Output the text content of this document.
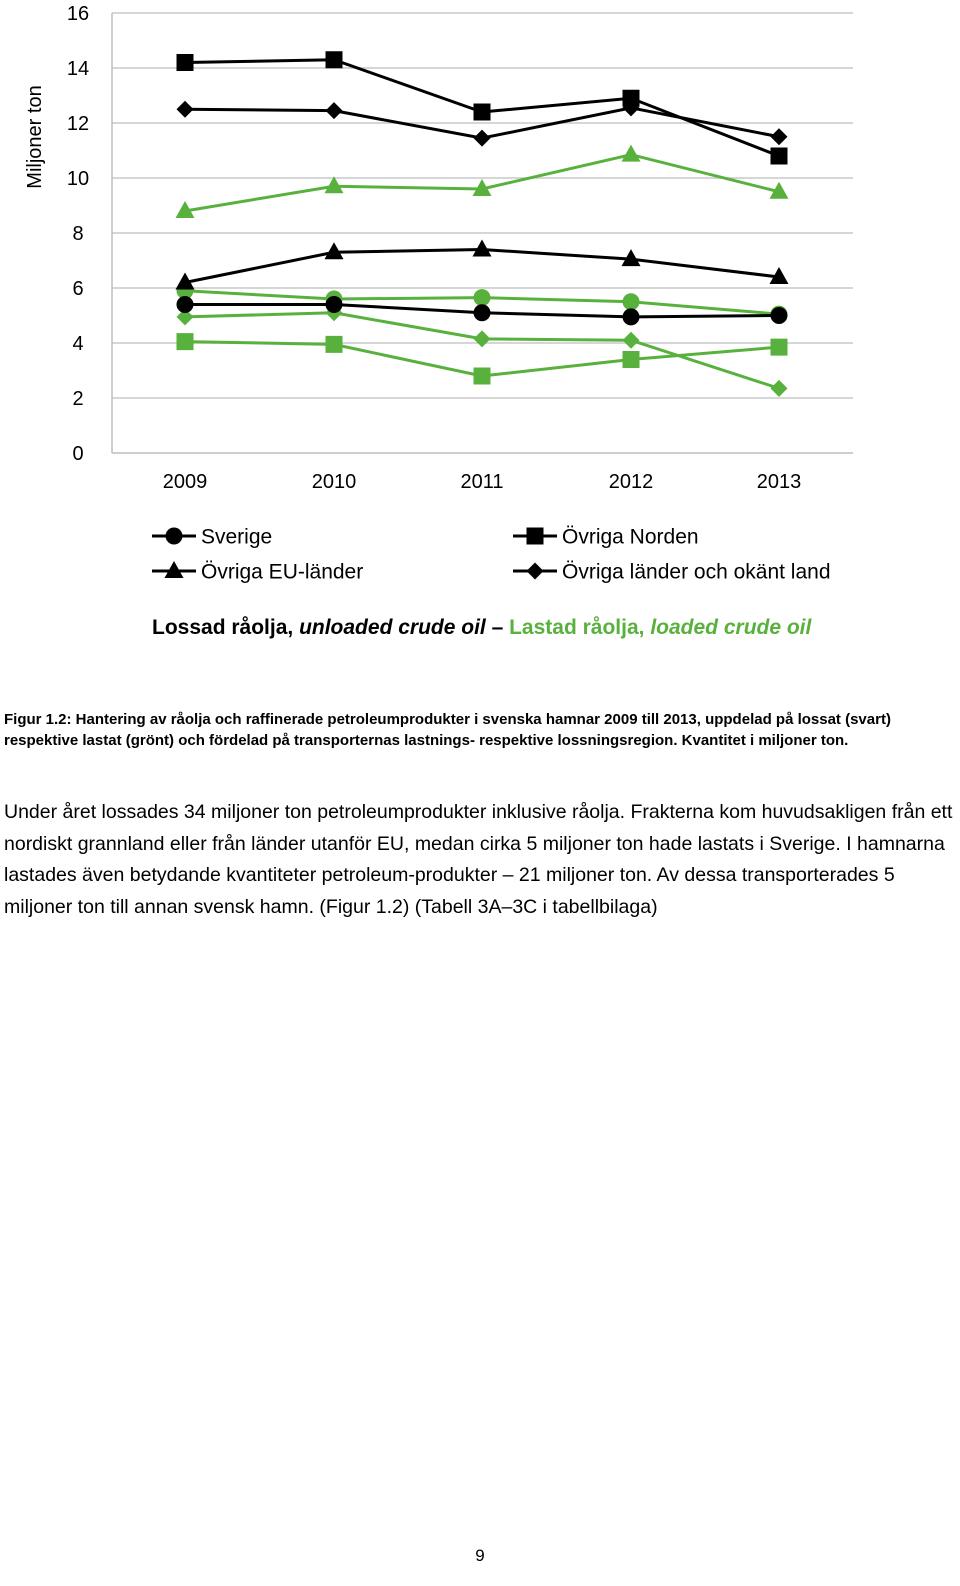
0
2
4
6
8
10
12
14
16
Miljoner ton
2009	2010	2011	2012	2013
Sverige	Övriga Norden
Övriga EU-länder	Övriga länder och okänt land
Lossad råolja, unloaded crude oil – Lastad råolja, loaded crude oil
Figur 1.2: Hantering av råolja och raffinerade petroleumprodukter i svenska hamnar 2009 till 2013, uppdelad på lossat (svart) respektive lastat (grönt) och fördelad på transporternas lastnings- respektive lossningsregion. Kvantitet i miljoner ton.

Under året lossades 34 miljoner ton petroleumprodukter inklusive råolja. Frakterna kom huvudsakligen från ett nordiskt grannland eller från länder utanför EU, medan cirka 5 miljoner ton hade lastats i Sverige. I hamnarna lastades även betydande kvantiteter petroleum-produkter – 21 miljoner ton. Av dessa transporterades 5 miljoner ton till annan svensk hamn. (Figur 1.2) (Tabell 3A–3C i tabellbilaga)

9
